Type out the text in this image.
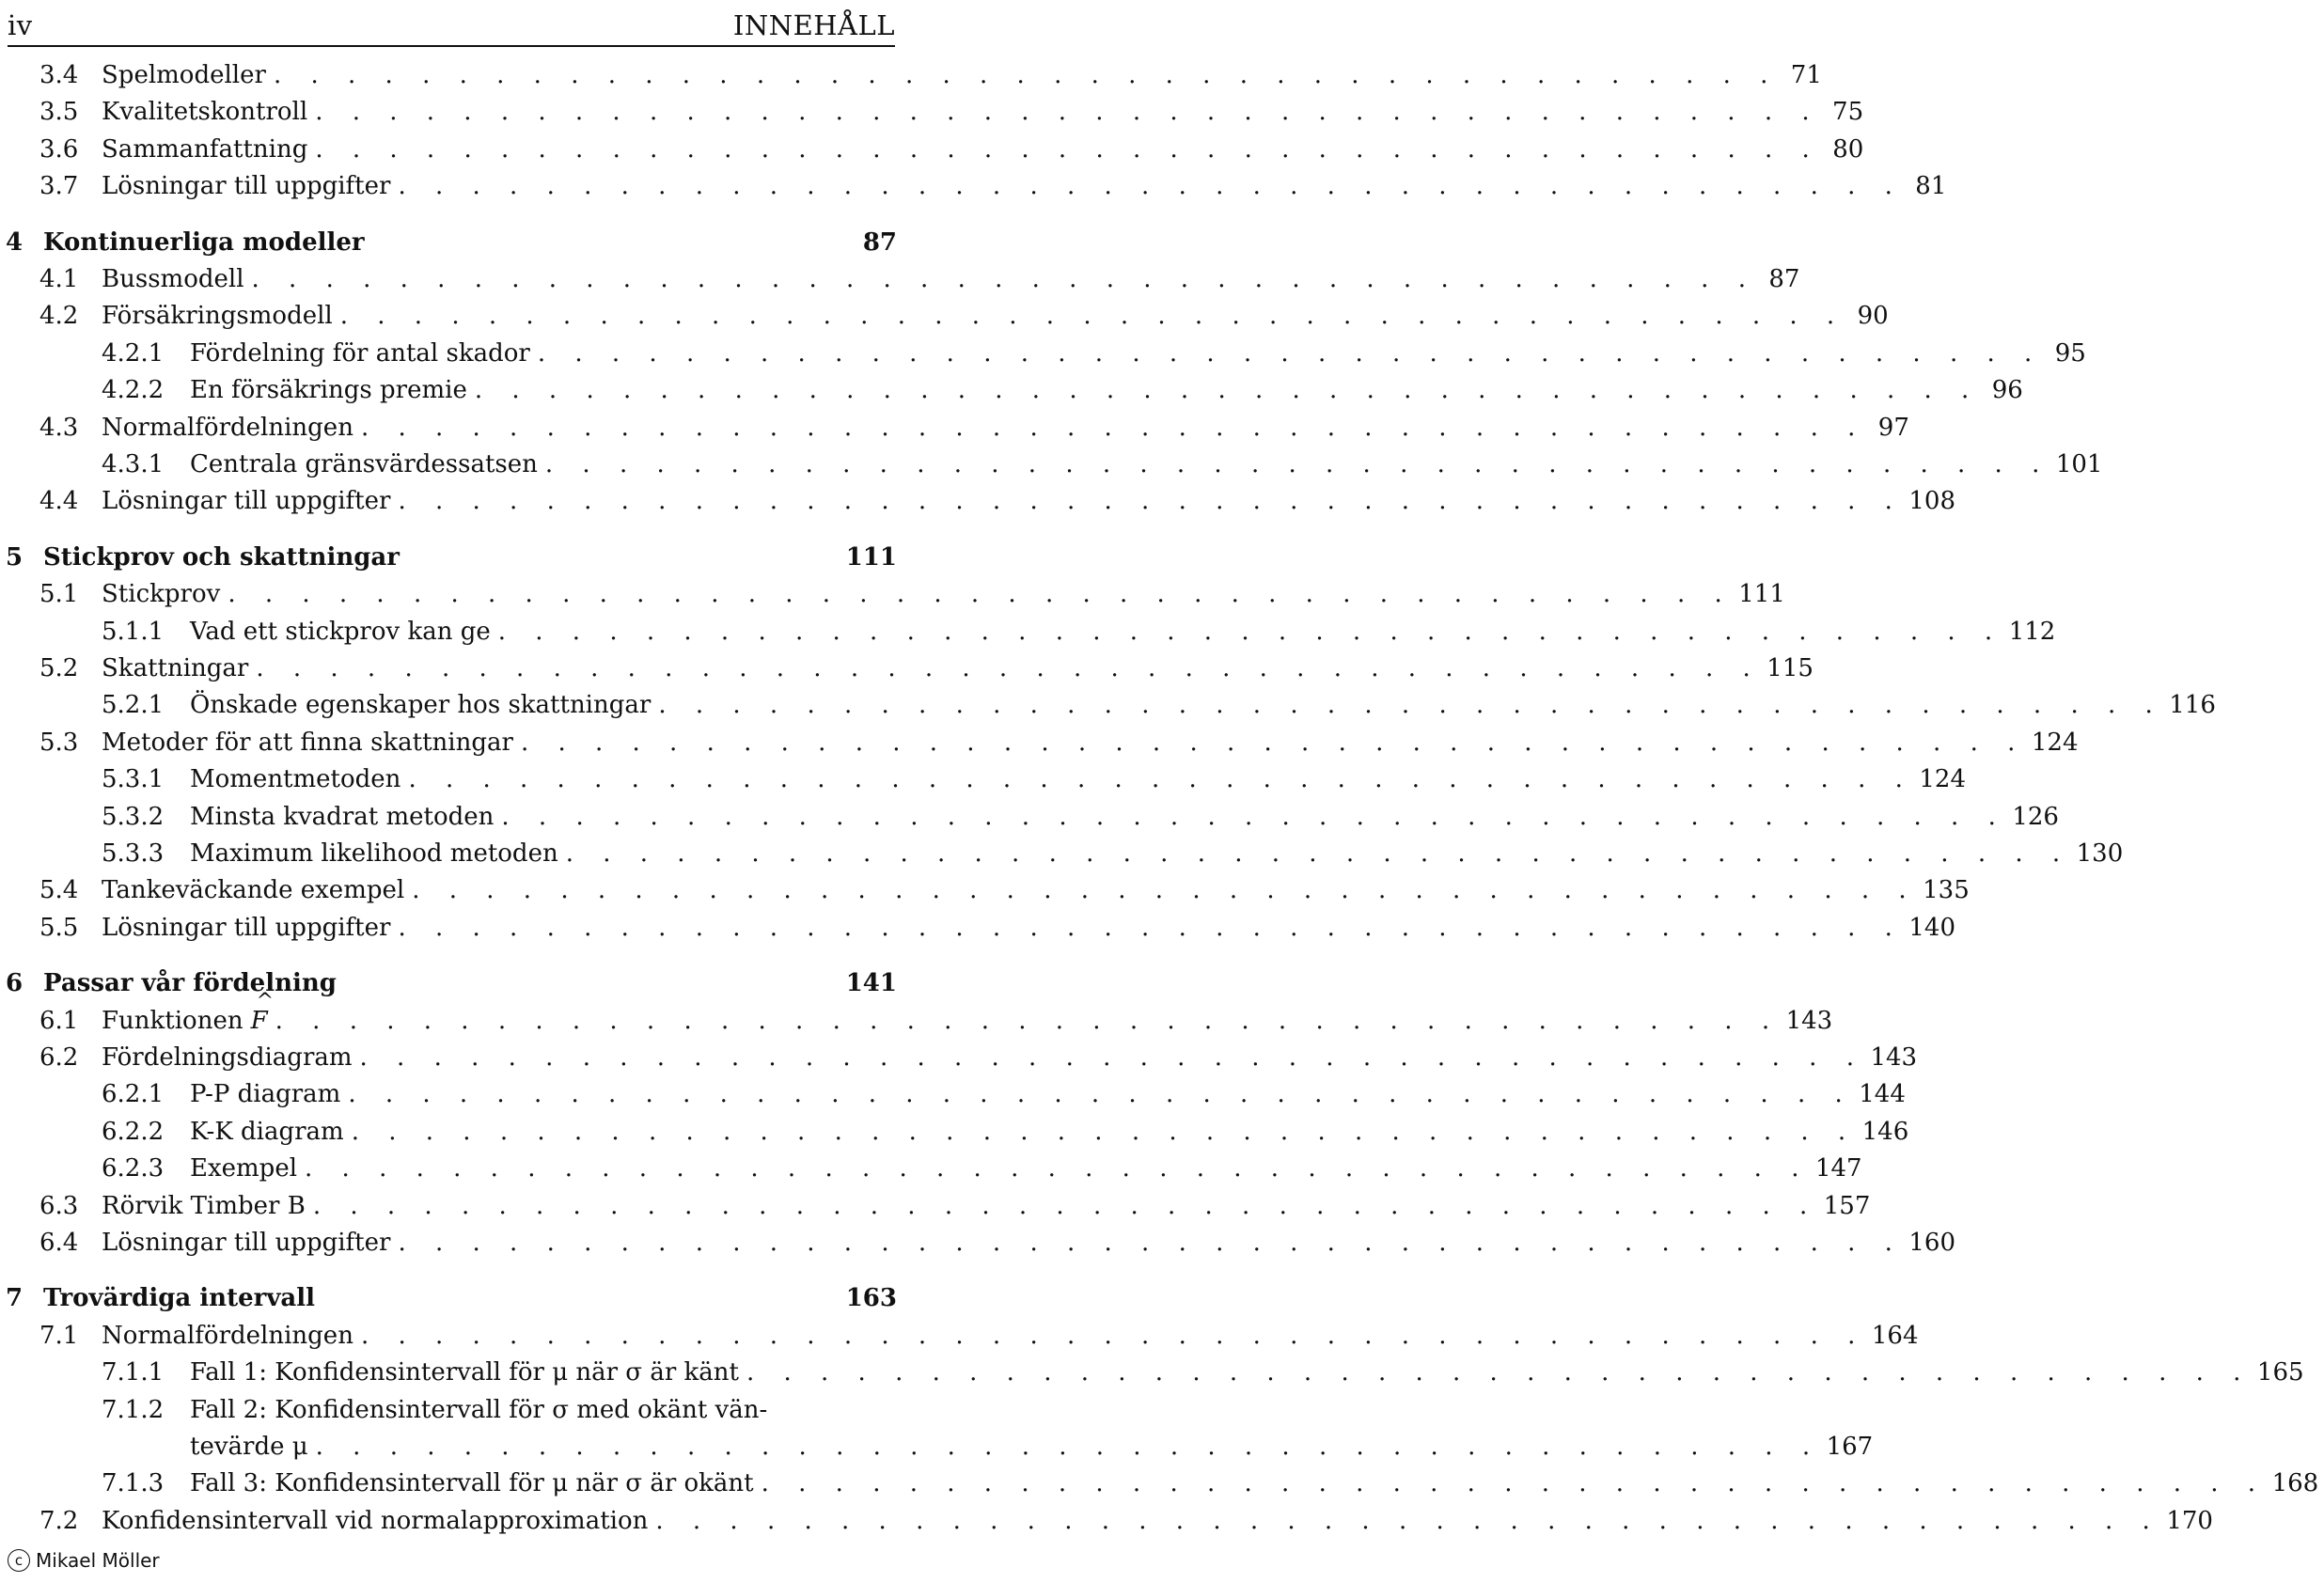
iv	INNEHÅLL
3.4 Spelmodeller . . . . . . . . . . . . . . . . . . . . . . . . . . . . . . . . . . . . . . . . . 71
3.5 Kvalitetskontroll . . . . . . . . . . . . . . . . . . . . . . . . . . . . . . . . . . . . . . . . . 75
3.6 Sammanfattning . . . . . . . . . . . . . . . . . . . . . . . . . . . . . . . . . . . . . . . . . 80
3.7 Lösningar till uppgifter . . . . . . . . . . . . . . . . . . . . . . . . . . . . . . . . . . . . . . . . . 81
4 Kontinuerliga modeller	87
4.1 Bussmodell . . . . . . . . . . . . . . . . . . . . . . . . . . . . . . . . . . . . . . . . . 87
4.2 Försäkringsmodell . . . . . . . . . . . . . . . . . . . . . . . . . . . . . . . . . . . . . . . . . 90
4.2.1	Fördelning för antal skador . . . . . . . . . . . . . . . . . . . . . . . . . . . . . . . . . . . . . . . . . 95
4.2.2	En försäkrings premie . . . . . . . . . . . . . . . . . . . . . . . . . . . . . . . . . . . . . . . . . 96
4.3 Normalfördelningen . . . . . . . . . . . . . . . . . . . . . . . . . . . . . . . . . . . . . . . . . 97
4.3.1	Centrala gränsvärdessatsen . . . . . . . . . . . . . . . . . . . . . . . . . . . . . . . . . . . . . . . . . 101
4.4 Lösningar till uppgifter . . . . . . . . . . . . . . . . . . . . . . . . . . . . . . . . . . . . . . . . . 108
5 Stickprov och skattningar	111
5.1 Stickprov . . . . . . . . . . . . . . . . . . . . . . . . . . . . . . . . . . . . . . . . . 111
5.1.1	Vad ett stickprov kan ge . . . . . . . . . . . . . . . . . . . . . . . . . . . . . . . . . . . . . . . . . 112
5.2 Skattningar . . . . . . . . . . . . . . . . . . . . . . . . . . . . . . . . . . . . . . . . . 115
5.2.1	Önskade egenskaper hos skattningar . . . . . . . . . . . . . . . . . . . . . . . . . . . . . . . . . . . . . . . . . 116
5.3 Metoder för att finna skattningar . . . . . . . . . . . . . . . . . . . . . . . . . . . . . . . . . . . . . . . . . 124
5.3.1	Momentmetoden . . . . . . . . . . . . . . . . . . . . . . . . . . . . . . . . . . . . . . . . . 124
5.3.2	Minsta kvadrat metoden . . . . . . . . . . . . . . . . . . . . . . . . . . . . . . . . . . . . . . . . . 126
5.3.3	Maximum likelihood metoden . . . . . . . . . . . . . . . . . . . . . . . . . . . . . . . . . . . . . . . . . 130
5.4 Tankeväckande exempel . . . . . . . . . . . . . . . . . . . . . . . . . . . . . . . . . . . . . . . . . 135
5.5 Lösningar till uppgifter . . . . . . . . . . . . . . . . . . . . . . . . . . . . . . . . . . . . . . . . . 140
6 Passar vår fördelning	141
6.1 Funktionen ^ F . . . . . . . . . . . . . . . . . . . . . . . . . . . . . . . . . . . . . . . . . 143
6.2 Fördelningsdiagram . . . . . . . . . . . . . . . . . . . . . . . . . . . . . . . . . . . . . . . . . 143
6.2.1	P-P diagram . . . . . . . . . . . . . . . . . . . . . . . . . . . . . . . . . . . . . . . . . 144
6.2.2	K-K diagram . . . . . . . . . . . . . . . . . . . . . . . . . . . . . . . . . . . . . . . . . 146
6.2.3	Exempel . . . . . . . . . . . . . . . . . . . . . . . . . . . . . . . . . . . . . . . . . 147
6.3 Rörvik Timber B . . . . . . . . . . . . . . . . . . . . . . . . . . . . . . . . . . . . . . . . . 157
6.4 Lösningar till uppgifter . . . . . . . . . . . . . . . . . . . . . . . . . . . . . . . . . . . . . . . . . 160
7 Trovärdiga intervall	163
7.1 Normalfördelningen . . . . . . . . . . . . . . . . . . . . . . . . . . . . . . . . . . . . . . . . . 164
7.1.1	Fall 1: Konfidensintervall för μ när σ är känt . . . . . . . . . . . . . . . . . . . . . . . . . . . . . . . . . . . . . . . . . 165
7.1.2	Fall 2: Konfidensintervall för σ med okänt vän-
tevärde μ . . . . . . . . . . . . . . . . . . . . . . . . . . . . . . . . . . . . . . . . . 167
7.1.3	Fall 3: Konfidensintervall för μ när σ är okänt . . . . . . . . . . . . . . . . . . . . . . . . . . . . . . . . . . . . . . . . . 168
7.2 Konfidensintervall vid normalapproximation . . . . . . . . . . . . . . . . . . . . . . . . . . . . . . . . . . . . . . . . . 170
c Mikael Möller
